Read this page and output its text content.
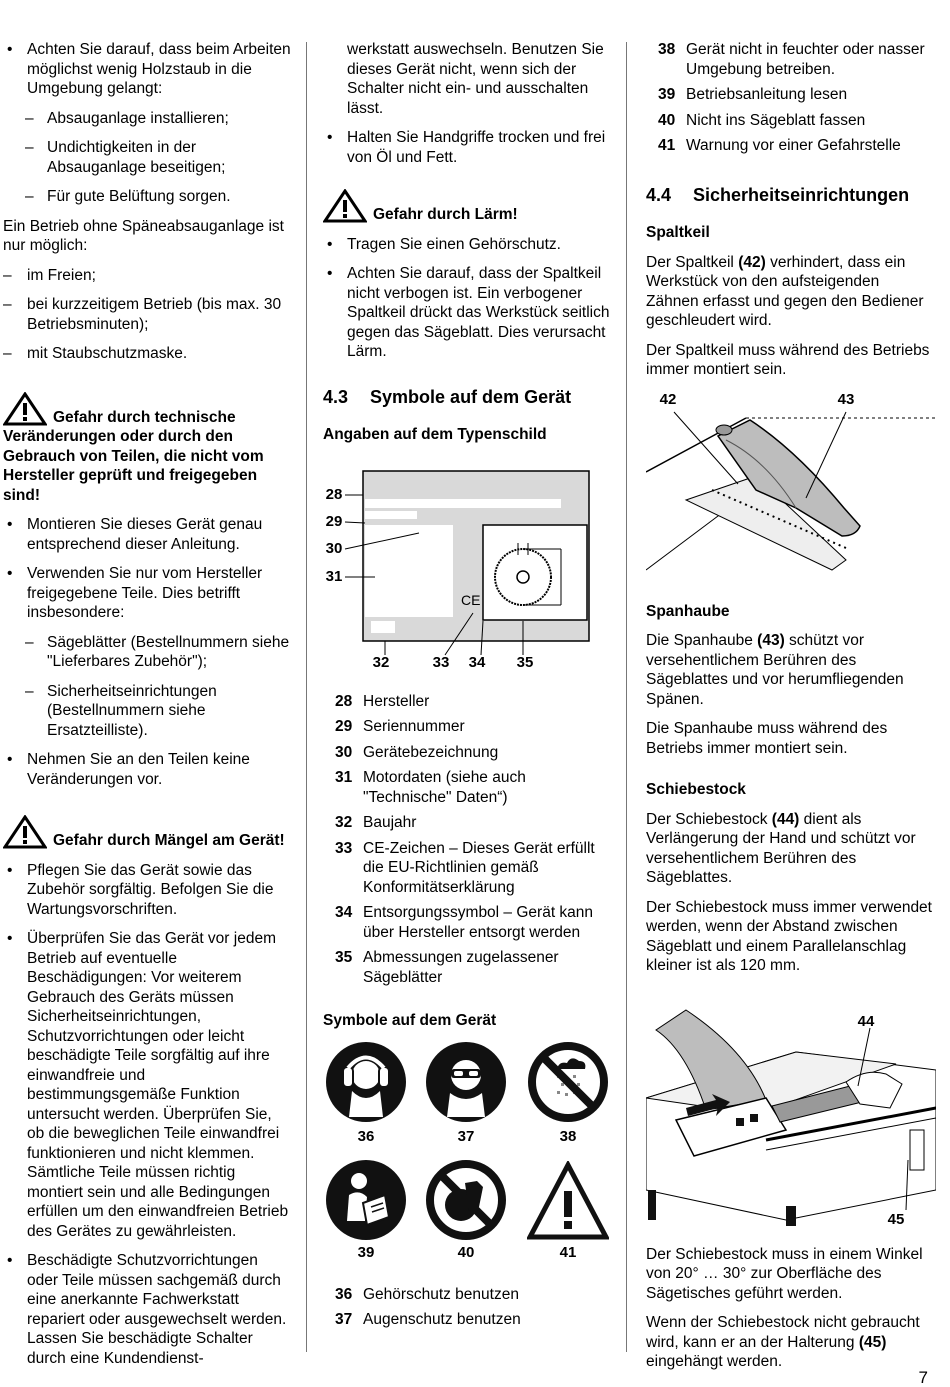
• Achten Sie darauf, dass beim Arbeiten möglichst wenig Holzstaub in die Umgebung gelangt:
– Absauganlage installieren;
– Undichtigkeiten in der Absauganlage beseitigen;
– Für gute Belüftung sorgen.

Ein Betrieb ohne Späneabsauganlage ist nur möglich:

– im Freien;
– bei kurzzeitigem Betrieb (bis max. 30 Betriebsminuten);
– mit Staubschutzmaske.
Gefahr durch technische Veränderungen oder durch den Gebrauch von Teilen, die nicht vom Hersteller geprüft und freigegeben sind!
• Montieren Sie dieses Gerät genau entsprechend dieser Anleitung.
• Verwenden Sie nur vom Hersteller freigegebene Teile. Dies betrifft insbesondere:
– Sägeblätter (Bestellnummern siehe "Lieferbares Zubehör");
– Sicherheitseinrichtungen (Bestellnummern siehe Ersatzteilliste).
• Nehmen Sie an den Teilen keine Veränderungen vor.
Gefahr durch Mängel am Gerät!
• Pflegen Sie das Gerät sowie das Zubehör sorgfältig. Befolgen Sie die Wartungsvorschriften.
• Überprüfen Sie das Gerät vor jedem Betrieb auf eventuelle Beschädigungen: Vor weiterem Gebrauch des Geräts müssen Sicherheitseinrichtungen, Schutzvorrichtungen oder leicht beschädigte Teile sorgfältig auf ihre einwandfreie und bestimmungsgemäße Funktion untersucht werden. Überprüfen Sie, ob die beweglichen Teile einwandfrei funktionieren und nicht klemmen. Sämtliche Teile müssen richtig montiert sein und alle Bedingungen erfüllen um den einwandfreien Betrieb des Gerätes zu gewährleisten.
• Beschädigte Schutzvorrichtungen oder Teile müssen sachgemäß durch eine anerkannte Fachwerkstatt repariert oder ausgewechselt werden. Lassen Sie beschädigte Schalter durch eine Kundendienst-
werkstatt auswechseln. Benutzen Sie dieses Gerät nicht, wenn sich der Schalter nicht ein- und ausschalten lässt.
• Halten Sie Handgriffe trocken und frei von Öl und Fett.
Gefahr durch Lärm!
• Tragen Sie einen Gehörschutz.
• Achten Sie darauf, dass der Spaltkeil nicht verbogen ist. Ein verbogener Spaltkeil drückt das Werkstück seitlich gegen das Sägeblatt. Dies verursacht Lärm.
4.3 Symbole auf dem Gerät
Angaben auf dem Typenschild
CE
28
29
30
31
32	33	34	35
28 Hersteller
29 Seriennummer
30 Gerätebezeichnung
31 Motordaten (siehe auch "Technische" Daten“)
32 Baujahr
33 CE-Zeichen – Dieses Gerät erfüllt die EU-Richtlinien gemäß Konformitätserklärung
34 Entsorgungssymbol – Gerät kann über Hersteller entsorgt werden
35 Abmessungen zugelassener Sägeblätter
Symbole auf dem Gerät
36	37	38
39	40	41
36 Gehörschutz benutzen
37 Augenschutz benutzen
38 Gerät nicht in feuchter oder nasser Umgebung betreiben.
39 Betriebsanleitung lesen
40 Nicht ins Sägeblatt fassen
41 Warnung vor einer Gefahrstelle
4.4 Sicherheitseinrichtungen
Spaltkeil

Der Spaltkeil (42) verhindert, dass ein Werkstück von den aufsteigenden Zähnen erfasst und gegen den Bediener geschleudert wird.

Der Spaltkeil muss während des Betriebs immer montiert sein.

42	43
Spanhaube

Die Spanhaube (43) schützt vor versehentlichem Berühren des Sägeblattes und vor herumfliegenden Spänen.

Die Spanhaube muss während des Betriebs immer montiert sein.

Schiebestock

Der Schiebestock (44) dient als Verlängerung der Hand und schützt vor versehentlichem Berühren des Sägeblattes.

Der Schiebestock muss immer verwendet werden, wenn der Abstand zwischen Sägeblatt und einem Parallelanschlag kleiner ist als 120 mm.

44
45

Der Schiebestock muss in einem Winkel von 20° … 30° zur Oberfläche des Sägetisches geführt werden.

Wenn der Schiebestock nicht gebraucht wird, kann er an der Halterung (45) eingehängt werden.

7
